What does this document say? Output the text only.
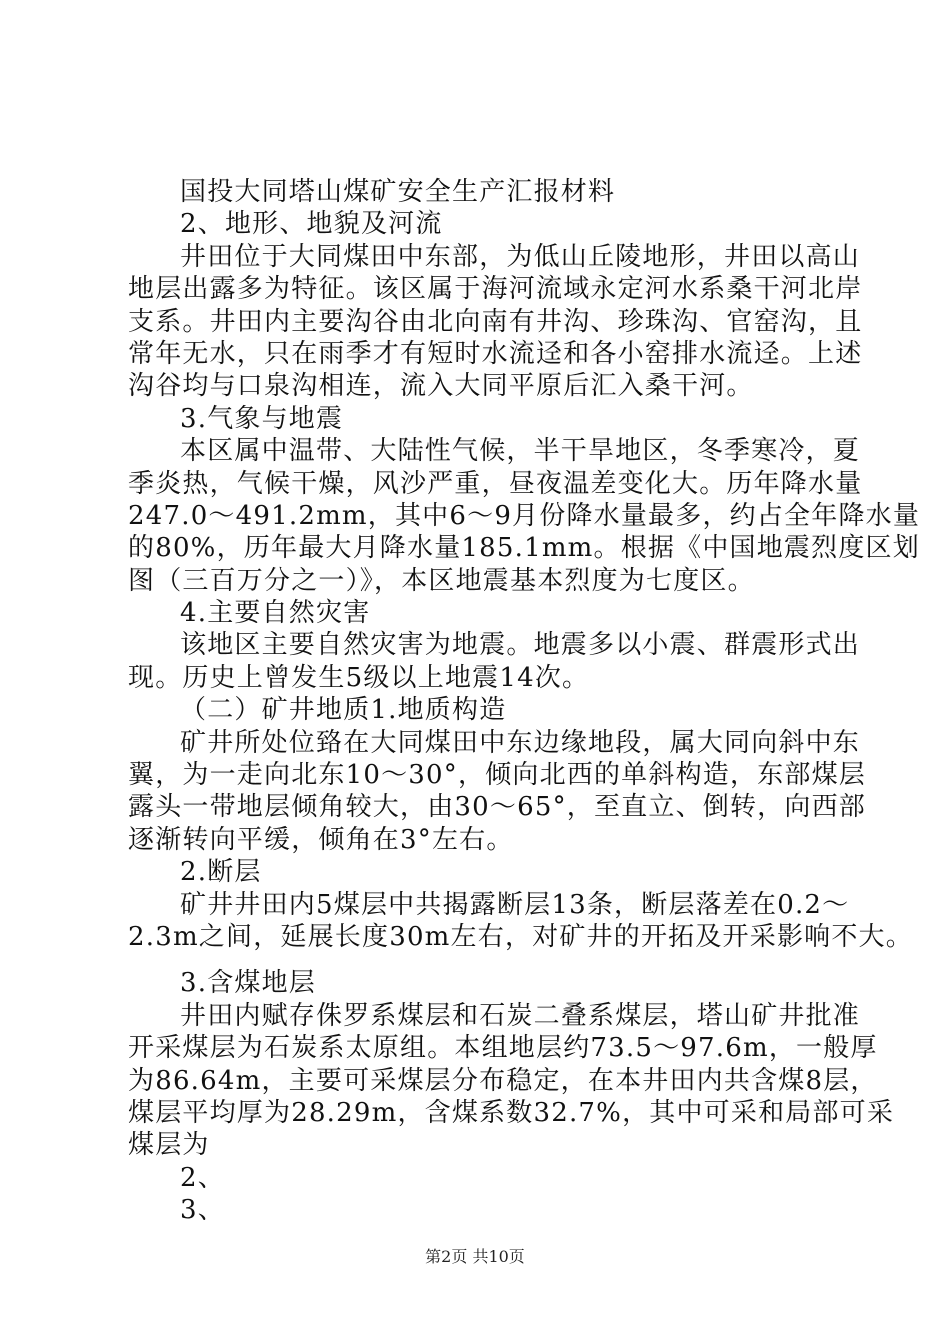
国投大同塔山煤矿安全生产汇报材料
2、地形、地貌及河流
井田位于大同煤田中东部，为低山丘陵地形，井田以高山
地层出露多为特征。该区属于海河流域永定河水系桑干河北岸
支系。井田内主要沟谷由北向南有井沟、珍珠沟、官窑沟，且
常年无水，只在雨季才有短时水流迳和各小窑排水流迳。上述
沟谷均与口泉沟相连，流入大同平原后汇入桑干河。
3.气象与地震
本区属中温带、大陆性气候，半干旱地区，冬季寒冷，夏
季炎热，气候干燥，风沙严重，昼夜温差变化大。历年降水量
247.0～491.2mm，其中6～9月份降水量最多，约占全年降水量
的80%，历年最大月降水量185.1mm。根据《中国地震烈度区划
图（三百万分之一）》，本区地震基本烈度为七度区。
4.主要自然灾害
该地区主要自然灾害为地震。地震多以小震、群震形式出
现。历史上曾发生5级以上地震14次。
（二）矿井地质1.地质构造
矿井所处位臵在大同煤田中东边缘地段，属大同向斜中东
翼，为一走向北东10～30°，倾向北西的单斜构造，东部煤层
露头一带地层倾角较大，由30～65°，至直立、倒转，向西部
逐渐转向平缓，倾角在3°左右。
2.断层
矿井井田内5煤层中共揭露断层13条，断层落差在0.2～
2.3m之间，延展长度30m左右，对矿井的开拓及开采影响不大。
3.含煤地层
井田内赋存侏罗系煤层和石炭二叠系煤层，塔山矿井批准
开采煤层为石炭系太原组。本组地层约73.5～97.6m，一般厚
为86.64m，主要可采煤层分布稳定，在本井田内共含煤8层，
煤层平均厚为28.29m，含煤系数32.7%，其中可采和局部可采
煤层为
2、
3、
第2页 共10页
